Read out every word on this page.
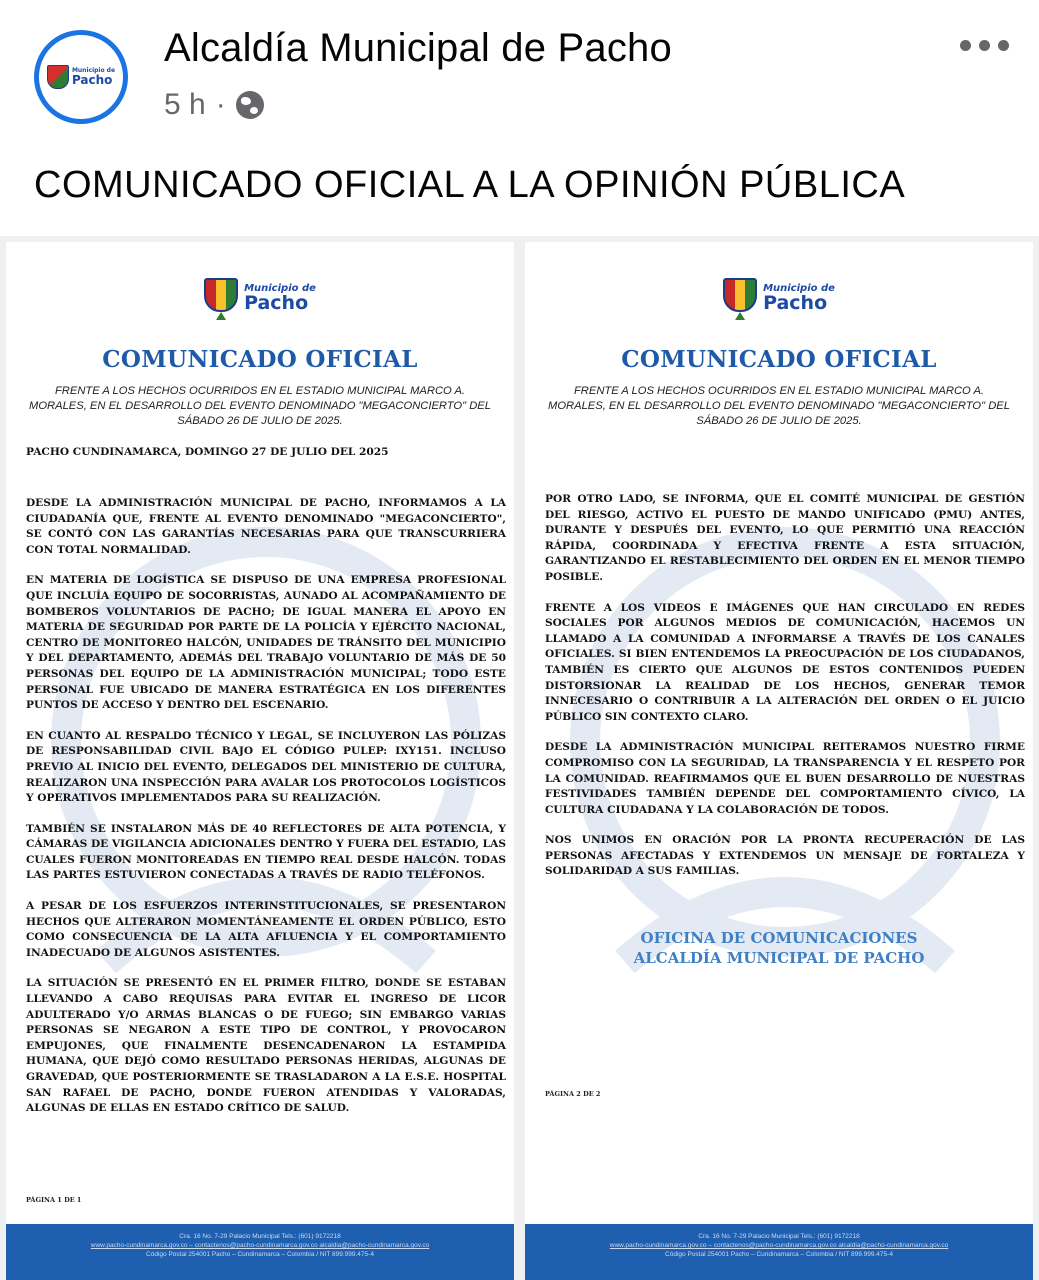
Municipio de
Pacho
Alcaldía Municipal de Pacho
5 h ·
COMUNICADO OFICIAL A LA OPINIÓN PÚBLICA
Municipio de
Pacho
COMUNICADO OFICIAL
FRENTE A LOS HECHOS OCURRIDOS EN EL ESTADIO MUNICIPAL MARCO A. MORALES, EN EL DESARROLLO DEL EVENTO DENOMINADO "MEGACONCIERTO" DEL SÁBADO 26 DE JULIO DE 2025.
PACHO CUNDINAMARCA, DOMINGO 27 DE JULIO DEL 2025

DESDE LA ADMINISTRACIÓN MUNICIPAL DE PACHO, INFORMAMOS A LA CIUDADANÍA QUE, FRENTE AL EVENTO DENOMINADO "MEGACONCIERTO", SE CONTÓ CON LAS GARANTÍAS NECESARIAS PARA QUE TRANSCURRIERA CON TOTAL NORMALIDAD.

EN MATERIA DE LOGÍSTICA SE DISPUSO DE UNA EMPRESA PROFESIONAL QUE INCLUÍA EQUIPO DE SOCORRISTAS, AUNADO AL ACOMPAÑAMIENTO DE BOMBEROS VOLUNTARIOS DE PACHO; DE IGUAL MANERA EL APOYO EN MATERIA DE SEGURIDAD POR PARTE DE LA POLICÍA Y EJÉRCITO NACIONAL, CENTRO DE MONITOREO HALCÓN, UNIDADES DE TRÁNSITO DEL MUNICIPIO Y DEL DEPARTAMENTO, ADEMÁS DEL TRABAJO VOLUNTARIO DE MÁS DE 50 PERSONAS DEL EQUIPO DE LA ADMINISTRACIÓN MUNICIPAL; TODO ESTE PERSONAL FUE UBICADO DE MANERA ESTRATÉGICA EN LOS DIFERENTES PUNTOS DE ACCESO Y DENTRO DEL ESCENARIO.

EN CUANTO AL RESPALDO TÉCNICO Y LEGAL, SE INCLUYERON LAS PÓLIZAS DE RESPONSABILIDAD CIVIL BAJO EL CÓDIGO PULEP: IXY151. INCLUSO PREVIO AL INICIO DEL EVENTO, DELEGADOS DEL MINISTERIO DE CULTURA, REALIZARON UNA INSPECCIÓN PARA AVALAR LOS PROTOCOLOS LOGÍSTICOS Y OPERATIVOS IMPLEMENTADOS PARA SU REALIZACIÓN.

TAMBIÉN SE INSTALARON MÁS DE 40 REFLECTORES DE ALTA POTENCIA, Y CÁMARAS DE VIGILANCIA ADICIONALES DENTRO Y FUERA DEL ESTADIO, LAS CUALES FUERON MONITOREADAS EN TIEMPO REAL DESDE HALCÓN. TODAS LAS PARTES ESTUVIERON CONECTADAS A TRAVÉS DE RADIO TELÉFONOS.

A PESAR DE LOS ESFUERZOS INTERINSTITUCIONALES, SE PRESENTARON HECHOS QUE ALTERARON MOMENTÁNEAMENTE EL ORDEN PÚBLICO, ESTO COMO CONSECUENCIA DE LA ALTA AFLUENCIA Y EL COMPORTAMIENTO INADECUADO DE ALGUNOS ASISTENTES.

LA SITUACIÓN SE PRESENTÓ EN EL PRIMER FILTRO, DONDE SE ESTABAN LLEVANDO A CABO REQUISAS PARA EVITAR EL INGRESO DE LICOR ADULTERADO Y/O ARMAS BLANCAS O DE FUEGO; SIN EMBARGO VARIAS PERSONAS SE NEGARON A ESTE TIPO DE CONTROL, Y PROVOCARON EMPUJONES, QUE FINALMENTE DESENCADENARON LA ESTAMPIDA HUMANA, QUE DEJÓ COMO RESULTADO PERSONAS HERIDAS, ALGUNAS DE GRAVEDAD, QUE POSTERIORMENTE SE TRASLADARON A LA E.S.E. HOSPITAL SAN RAFAEL DE PACHO, DONDE FUERON ATENDIDAS Y VALORADAS, ALGUNAS DE ELLAS EN ESTADO CRÍTICO DE SALUD.

PÁGINA 1 DE 1
Cra. 16 No. 7-29 Palacio Municipal Tels.: (601) 9172218
www.pacho-cundinamarca.gov.co – contactenos@pacho-cundinamarca.gov.co alcaldia@pacho-cundinamarca.gov.co
Código Postal 254001 Pacho – Cundinamarca – Colombia / NIT 899.999.475-4
Municipio de
Pacho
COMUNICADO OFICIAL
FRENTE A LOS HECHOS OCURRIDOS EN EL ESTADIO MUNICIPAL MARCO A. MORALES, EN EL DESARROLLO DEL EVENTO DENOMINADO "MEGACONCIERTO" DEL SÁBADO 26 DE JULIO DE 2025.

POR OTRO LADO, SE INFORMA, QUE EL COMITÉ MUNICIPAL DE GESTIÓN DEL RIESGO, ACTIVO EL PUESTO DE MANDO UNIFICADO (PMU) ANTES, DURANTE Y DESPUÉS DEL EVENTO, LO QUE PERMITIÓ UNA REACCIÓN RÁPIDA, COORDINADA Y EFECTIVA FRENTE A ESTA SITUACIÓN, GARANTIZANDO EL RESTABLECIMIENTO DEL ORDEN EN EL MENOR TIEMPO POSIBLE.

FRENTE A LOS VIDEOS E IMÁGENES QUE HAN CIRCULADO EN REDES SOCIALES POR ALGUNOS MEDIOS DE COMUNICACIÓN, HACEMOS UN LLAMADO A LA COMUNIDAD A INFORMARSE A TRAVÉS DE LOS CANALES OFICIALES. SI BIEN ENTENDEMOS LA PREOCUPACIÓN DE LOS CIUDADANOS, TAMBIÉN ES CIERTO QUE ALGUNOS DE ESTOS CONTENIDOS PUEDEN DISTORSIONAR LA REALIDAD DE LOS HECHOS, GENERAR TEMOR INNECESARIO O CONTRIBUIR A LA ALTERACIÓN DEL ORDEN O EL JUICIO PÚBLICO SIN CONTEXTO CLARO.

DESDE LA ADMINISTRACIÓN MUNICIPAL REITERAMOS NUESTRO FIRME COMPROMISO CON LA SEGURIDAD, LA TRANSPARENCIA Y EL RESPETO POR LA COMUNIDAD. REAFIRMAMOS QUE EL BUEN DESARROLLO DE NUESTRAS FESTIVIDADES TAMBIÉN DEPENDE DEL COMPORTAMIENTO CÍVICO, LA CULTURA CIUDADANA Y LA COLABORACIÓN DE TODOS.

NOS UNIMOS EN ORACIÓN POR LA PRONTA RECUPERACIÓN DE LAS PERSONAS AFECTADAS Y EXTENDEMOS UN MENSAJE DE FORTALEZA Y SOLIDARIDAD A SUS FAMILIAS.

OFICINA DE COMUNICACIONES
ALCALDÍA MUNICIPAL DE PACHO
PÁGINA 2 DE 2
Cra. 16 No. 7-29 Palacio Municipal Tels.: (601) 9172218
www.pacho-cundinamarca.gov.co – contactenos@pacho-cundinamarca.gov.co alcaldia@pacho-cundinamarca.gov.co
Código Postal 254001 Pacho – Cundinamarca – Colombia / NIT 899.999.475-4
